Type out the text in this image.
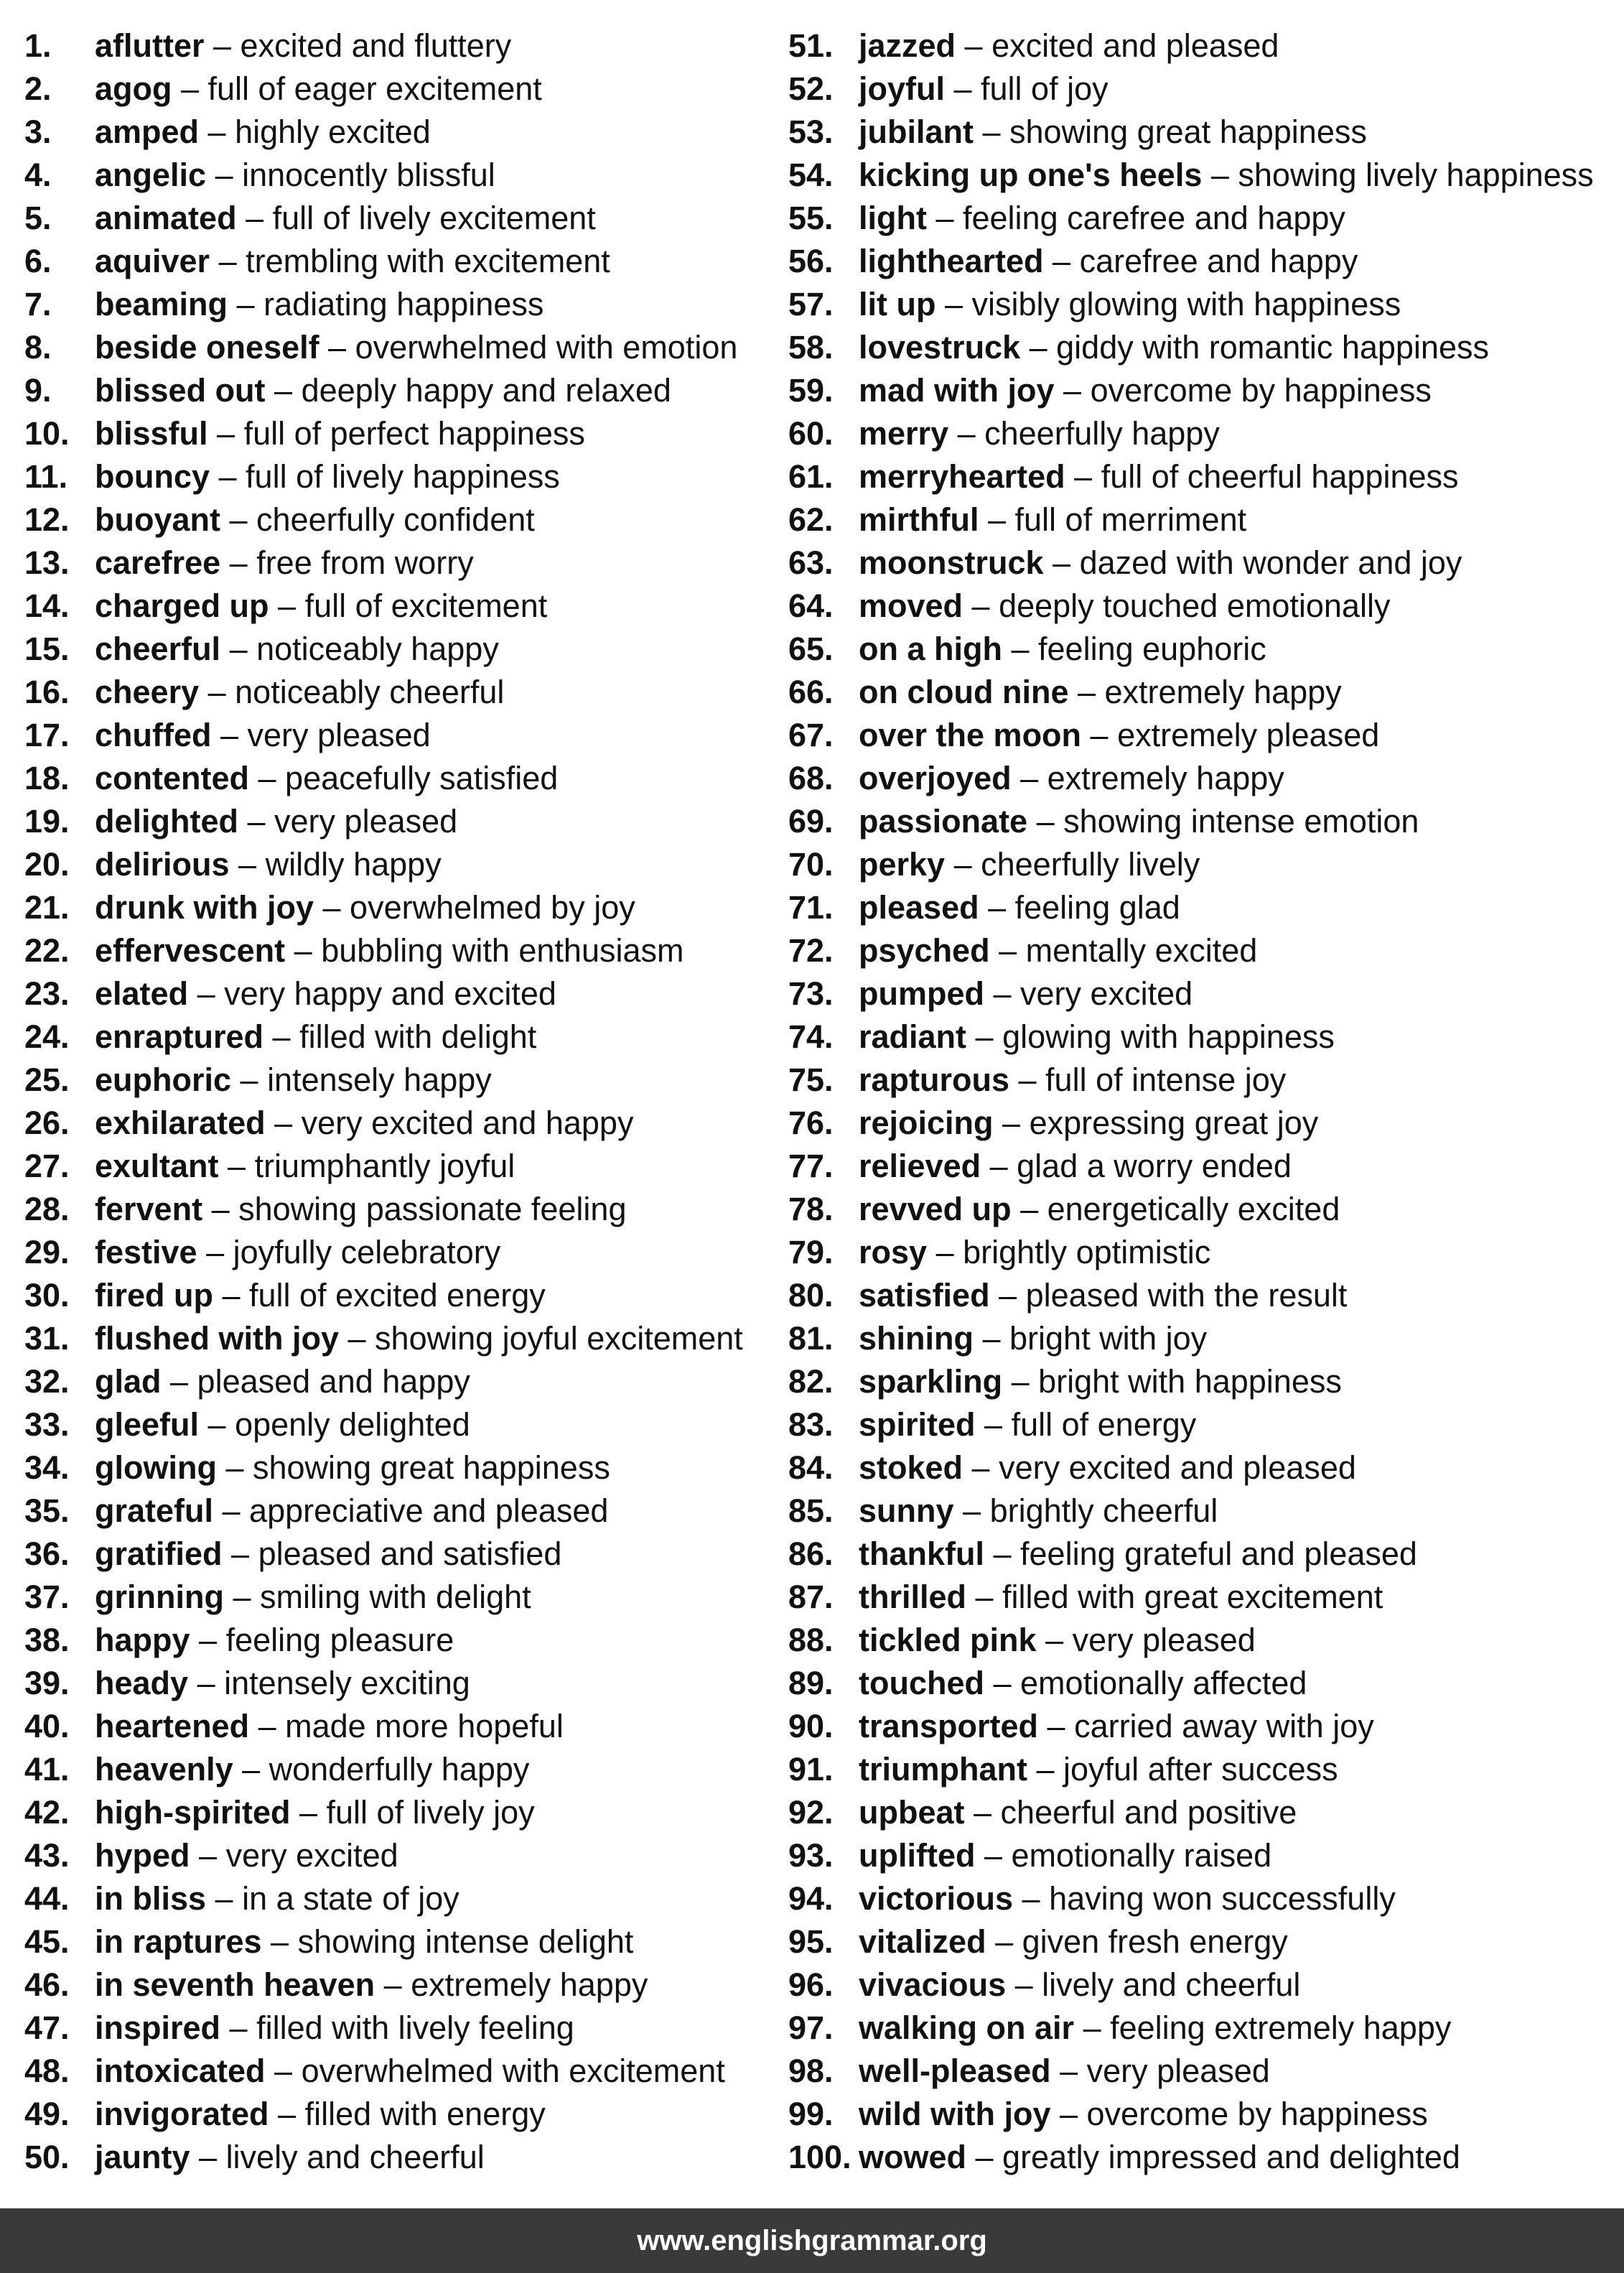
1. aflutter – excited and fluttery
2. agog – full of eager excitement
3. amped – highly excited
4. angelic – innocently blissful
5. animated – full of lively excitement
6. aquiver – trembling with excitement
7. beaming – radiating happiness
8. beside oneself – overwhelmed with emotion
9. blissed out – deeply happy and relaxed
10. blissful – full of perfect happiness
11. bouncy – full of lively happiness
12. buoyant – cheerfully confident
13. carefree – free from worry
14. charged up – full of excitement
15. cheerful – noticeably happy
16. cheery – noticeably cheerful
17. chuffed – very pleased
18. contented – peacefully satisfied
19. delighted – very pleased
20. delirious – wildly happy
21. drunk with joy – overwhelmed by joy
22. effervescent – bubbling with enthusiasm
23. elated – very happy and excited
24. enraptured – filled with delight
25. euphoric – intensely happy
26. exhilarated – very excited and happy
27. exultant – triumphantly joyful
28. fervent – showing passionate feeling
29. festive – joyfully celebratory
30. fired up – full of excited energy
31. flushed with joy – showing joyful excitement
32. glad – pleased and happy
33. gleeful – openly delighted
34. glowing – showing great happiness
35. grateful – appreciative and pleased
36. gratified – pleased and satisfied
37. grinning – smiling with delight
38. happy – feeling pleasure
39. heady – intensely exciting
40. heartened – made more hopeful
41. heavenly – wonderfully happy
42. high-spirited – full of lively joy
43. hyped – very excited
44. in bliss – in a state of joy
45. in raptures – showing intense delight
46. in seventh heaven – extremely happy
47. inspired – filled with lively feeling
48. intoxicated – overwhelmed with excitement
49. invigorated – filled with energy
50. jaunty – lively and cheerful
51. jazzed – excited and pleased
52. joyful – full of joy
53. jubilant – showing great happiness
54. kicking up one's heels – showing lively happiness
55. light – feeling carefree and happy
56. lighthearted – carefree and happy
57. lit up – visibly glowing with happiness
58. lovestruck – giddy with romantic happiness
59. mad with joy – overcome by happiness
60. merry – cheerfully happy
61. merryhearted – full of cheerful happiness
62. mirthful – full of merriment
63. moonstruck – dazed with wonder and joy
64. moved – deeply touched emotionally
65. on a high – feeling euphoric
66. on cloud nine – extremely happy
67. over the moon – extremely pleased
68. overjoyed – extremely happy
69. passionate – showing intense emotion
70. perky – cheerfully lively
71. pleased – feeling glad
72. psyched – mentally excited
73. pumped – very excited
74. radiant – glowing with happiness
75. rapturous – full of intense joy
76. rejoicing – expressing great joy
77. relieved – glad a worry ended
78. revved up – energetically excited
79. rosy – brightly optimistic
80. satisfied – pleased with the result
81. shining – bright with joy
82. sparkling – bright with happiness
83. spirited – full of energy
84. stoked – very excited and pleased
85. sunny – brightly cheerful
86. thankful – feeling grateful and pleased
87. thrilled – filled with great excitement
88. tickled pink – very pleased
89. touched – emotionally affected
90. transported – carried away with joy
91. triumphant – joyful after success
92. upbeat – cheerful and positive
93. uplifted – emotionally raised
94. victorious – having won successfully
95. vitalized – given fresh energy
96. vivacious – lively and cheerful
97. walking on air – feeling extremely happy
98. well-pleased – very pleased
99. wild with joy – overcome by happiness
100. wowed – greatly impressed and delighted
www.englishgrammar.org
